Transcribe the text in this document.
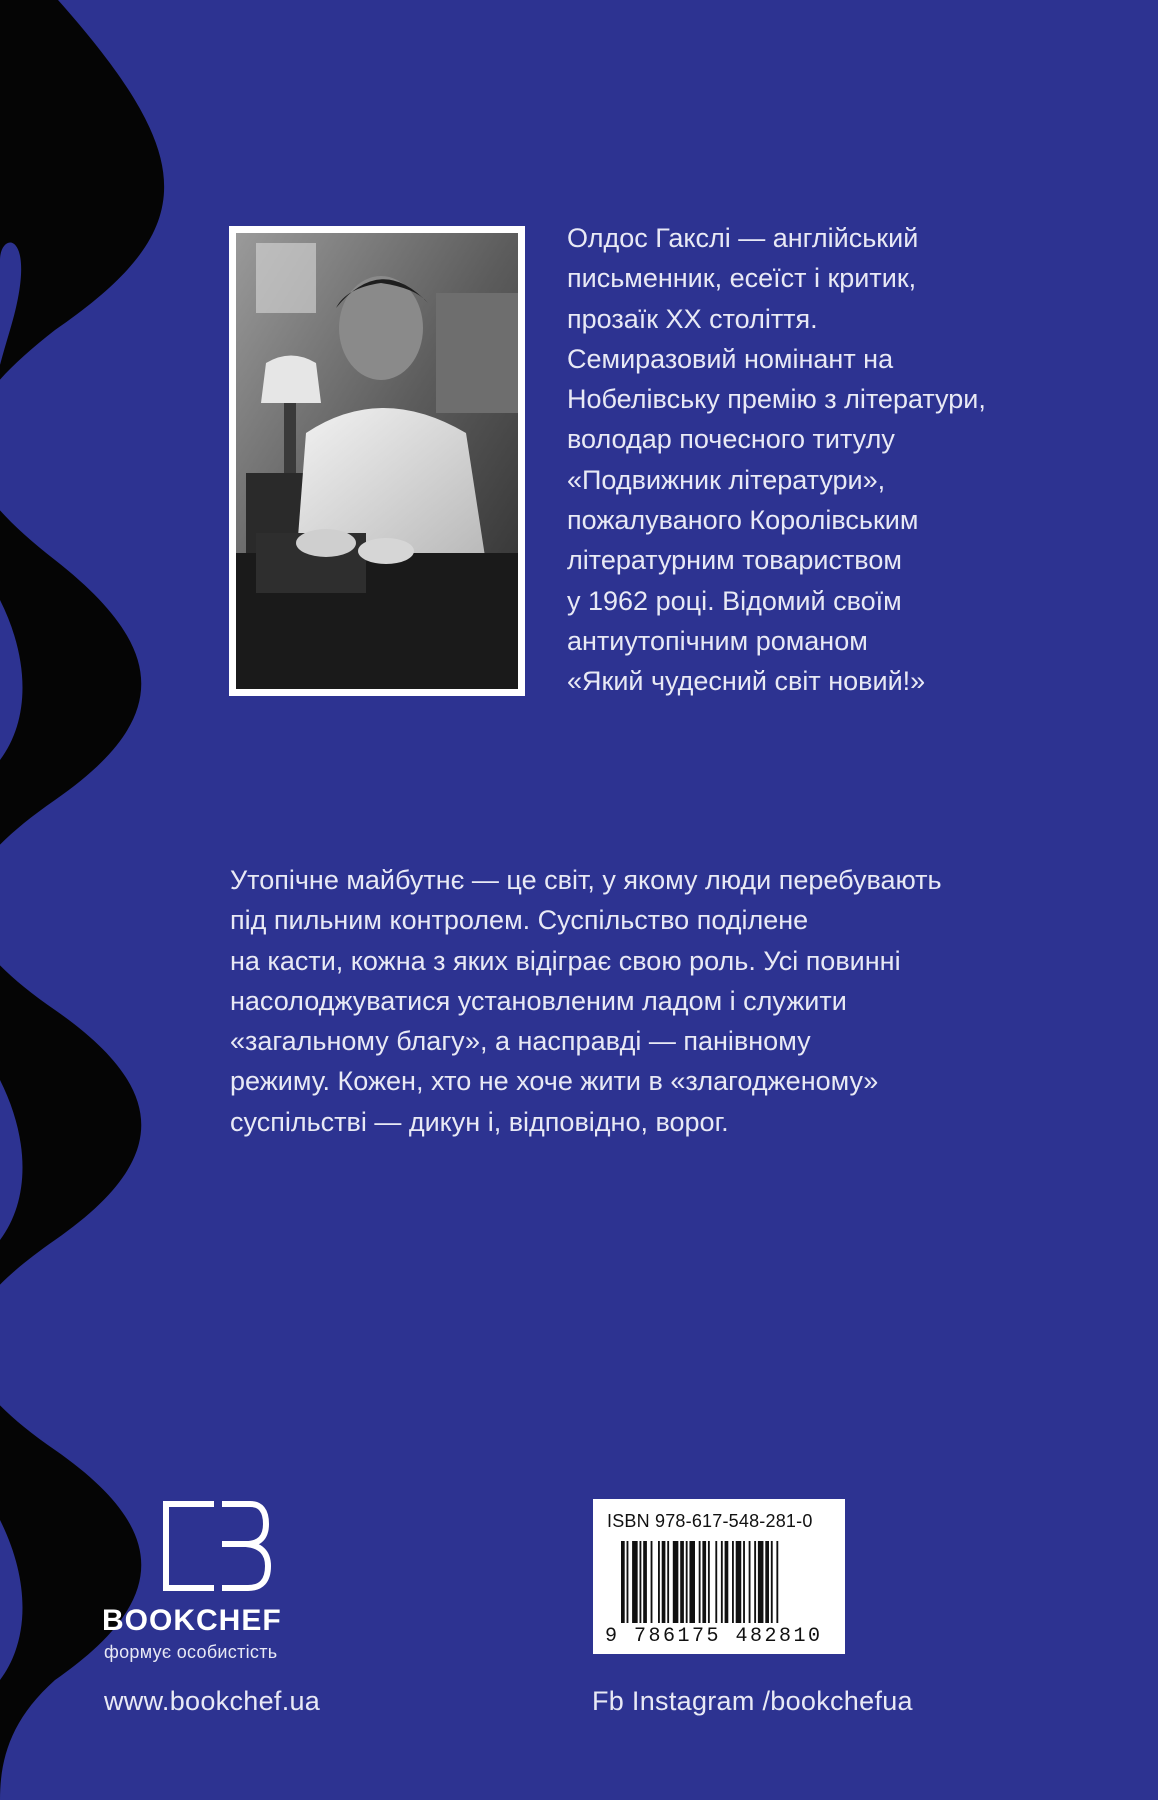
Олдос Гакслі — англійський
письменник, есеїст і критик,
прозаїк XX століття.
Семиразовий номінант на
Нобелівську премію з літератури,
володар почесного титулу
«Подвижник літератури»,
пожалуваного Королівським
літературним товариством
у 1962 році. Відомий своїм
антиутопічним романом
«Який чудесний світ новий!»
Утопічне майбутнє — це світ, у якому люди перебувають
під пильним контролем. Суспільство поділене
на касти, кожна з яких відіграє свою роль. Усі повинні
насолоджуватися установленим ладом і служити
«загальному благу», а насправді — панівному
режиму. Кожен, хто не хоче жити в «злагодженому»
суспільстві — дикун і, відповідно, ворог.
BOOKCHEF
формує особистість
ISBN 978-617-548-281-0
9 786175 482810
www.bookchef.ua	Fb Instagram /bookchefua
